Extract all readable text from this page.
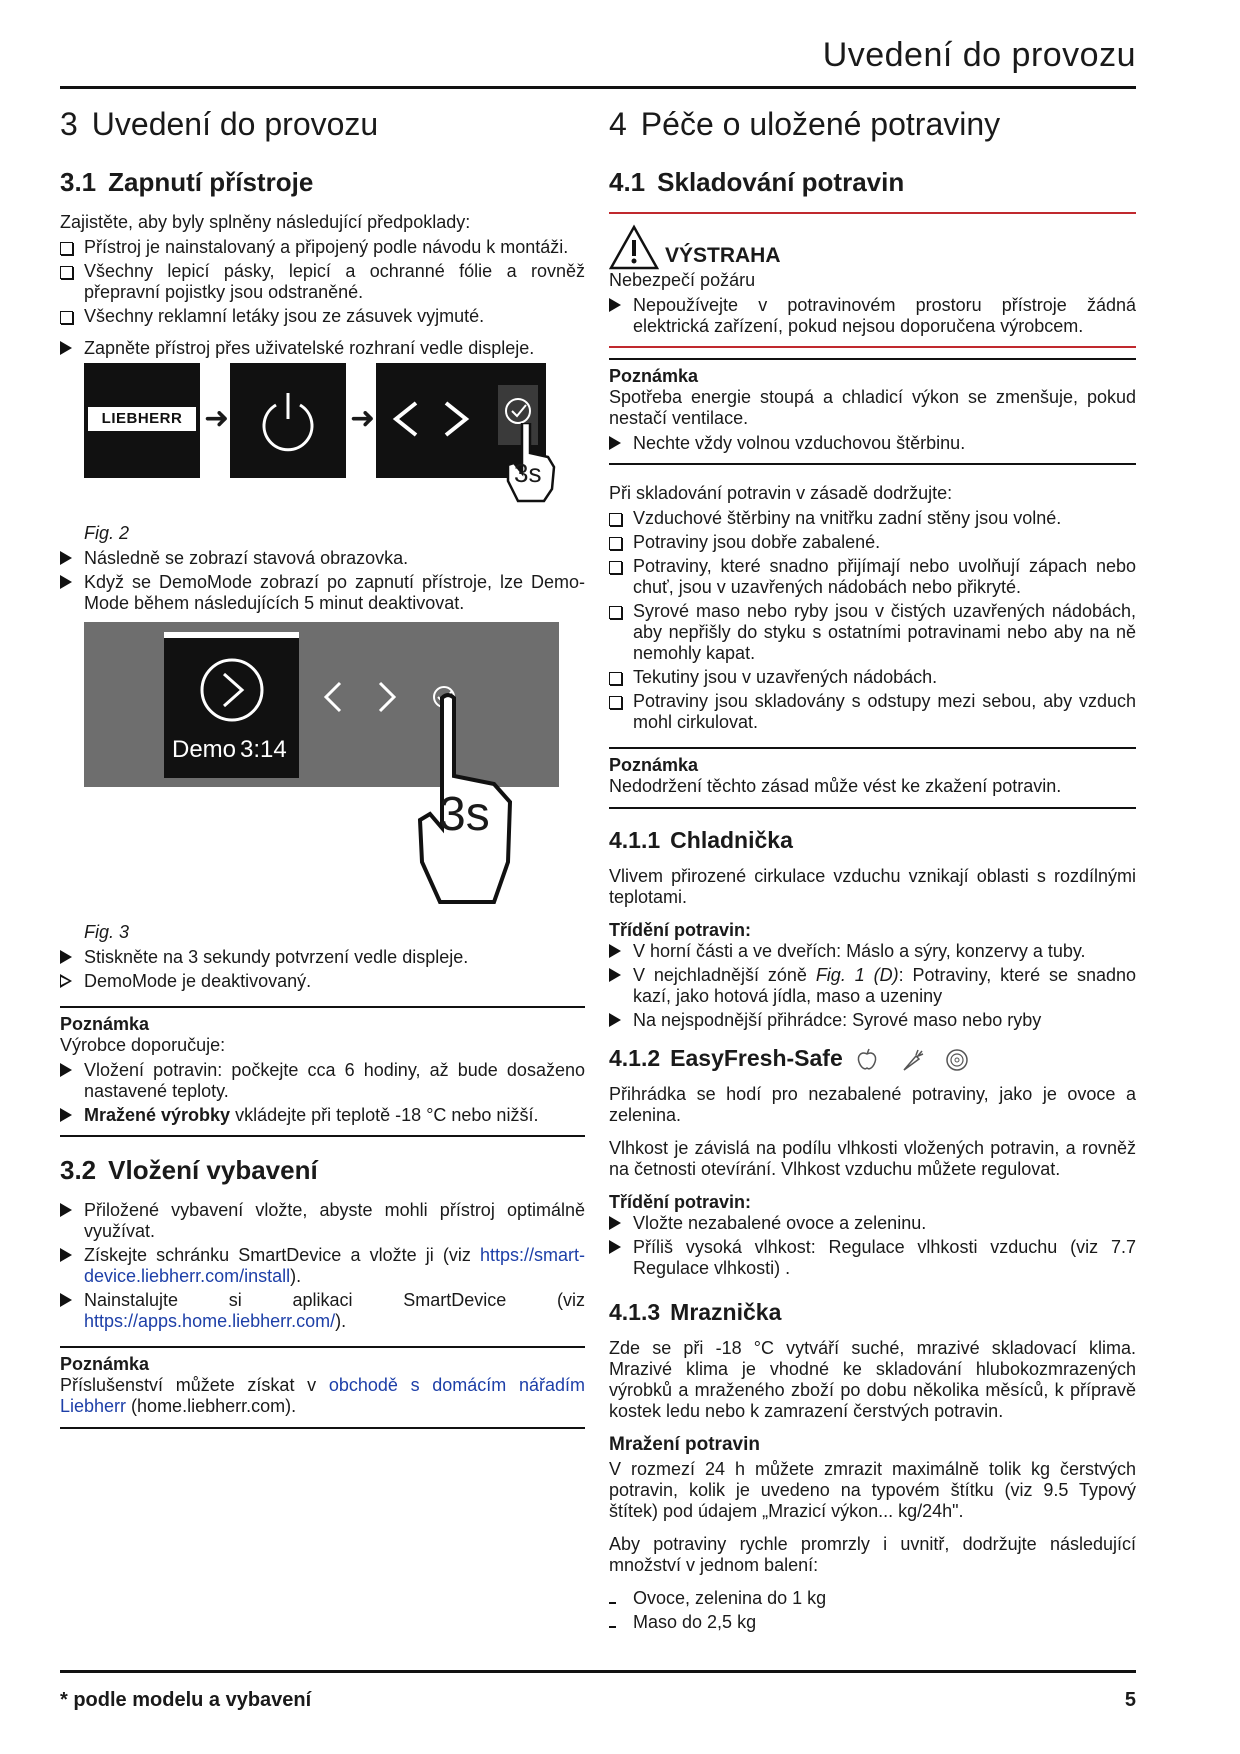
Uvedení do provozu
3 Uvedení do provozu
3.1 Zapnutí přístroje

Zajistěte, aby byly splněny následující předpoklady:

Přístroj je nainstalovaný a připojený podle návodu k montáži.
Všechny lepicí pásky, lepicí a ochranné fólie a rovněž přepravní pojistky jsou odstraněné.
Všechny reklamní letáky jsou ze zásuvek vyjmuté.
Zapněte přístroj přes uživatelské rozhraní vedle displeje.
LIEBHERR ➜	➜
3s
Fig. 2
Následně se zobrazí stavová obrazovka.
Když se DemoMode zobrazí po zapnutí přístroje, lze Demo-Mode během následujících 5 minut deaktivovat.
Demo 3:14
3s
Fig. 3
Stiskněte na 3 sekundy potvrzení vedle displeje.
DemoMode je deaktivovaný.
Poznámka

Výrobce doporučuje:

Vložení potravin: počkejte cca 6 hodiny, až bude dosaženo nastavené teploty.
Mražené výrobky vkládejte při teplotě -18 °C nebo nižší.
3.2 Vložení vybavení
Přiložené vybavení vložte, abyste mohli přístroj optimálně využívat.
Získejte schránku SmartDevice a vložte ji (viz https://smart-device.liebherr.com/install).
Nainstalujte si aplikaci SmartDevice (viz https://apps.home.liebherr.com/).
Poznámka

Příslušenství můžete získat v obchodě s domácím nářadím Liebherr (home.liebherr.com).

4 Péče o uložené potraviny
4.1 Skladování potravin
VÝSTRAHA

Nebezpečí požáru

Nepoužívejte v potravinovém prostoru přístroje žádná elektrická zařízení, pokud nejsou doporučena výrobcem.
Poznámka

Spotřeba energie stoupá a chladicí výkon se zmenšuje, pokud nestačí ventilace.

Nechte vždy volnou vzduchovou štěrbinu.

Při skladování potravin v zásadě dodržujte:

Vzduchové štěrbiny na vnitřku zadní stěny jsou volné.
Potraviny jsou dobře zabalené.
Potraviny, které snadno přijímají nebo uvolňují zápach nebo chuť, jsou v uzavřených nádobách nebo přikryté.
Syrové maso nebo ryby jsou v čistých uzavřených nádobách, aby nepřišly do styku s ostatními potravinami nebo aby na ně nemohly kapat.
Tekutiny jsou v uzavřených nádobách.
Potraviny jsou skladovány s odstupy mezi sebou, aby vzduch mohl cirkulovat.
Poznámka

Nedodržení těchto zásad může vést ke zkažení potravin.

4.1.1 Chladnička

Vlivem přirozené cirkulace vzduchu vznikají oblasti s rozdílnými teplotami.

Třídění potravin:
V horní části a ve dveřích: Máslo a sýry, konzervy a tuby.
V nejchladnější zóně Fig. 1 (D): Potraviny, které se snadno kazí, jako hotová jídla, maso a uzeniny
Na nejspodnější přihrádce: Syrové maso nebo ryby
4.1.2 EasyFresh-Safe

Přihrádka se hodí pro nezabalené potraviny, jako je ovoce a zelenina.

Vlhkost je závislá na podílu vlhkosti vložených potravin, a rovněž na četnosti otevírání. Vlhkost vzduchu můžete regulovat.

Třídění potravin:
Vložte nezabalené ovoce a zeleninu.
Příliš vysoká vlhkost: Regulace vlhkosti vzduchu (viz 7.7 Regulace vlhkosti) .
4.1.3 Mraznička

Zde se při -18 °C vytváří suché, mrazivé skladovací klima. Mrazivé klima je vhodné ke skladování hlubokozmrazených výrobků a mraženého zboží po dobu několika měsíců, k přípravě kostek ledu nebo k zamrazení čerstvých potravin.

Mražení potravin

V rozmezí 24 h můžete zmrazit maximálně tolik kg čerstvých potravin, kolik je uvedeno na typovém štítku (viz 9.5 Typový štítek) pod údajem „Mrazicí výkon... kg/24h".

Aby potraviny rychle promrzly i uvnitř, dodržujte následující množství v jednom balení:

Ovoce, zelenina do 1 kg
Maso do 2,5 kg
* podle modelu a vybavení	5
